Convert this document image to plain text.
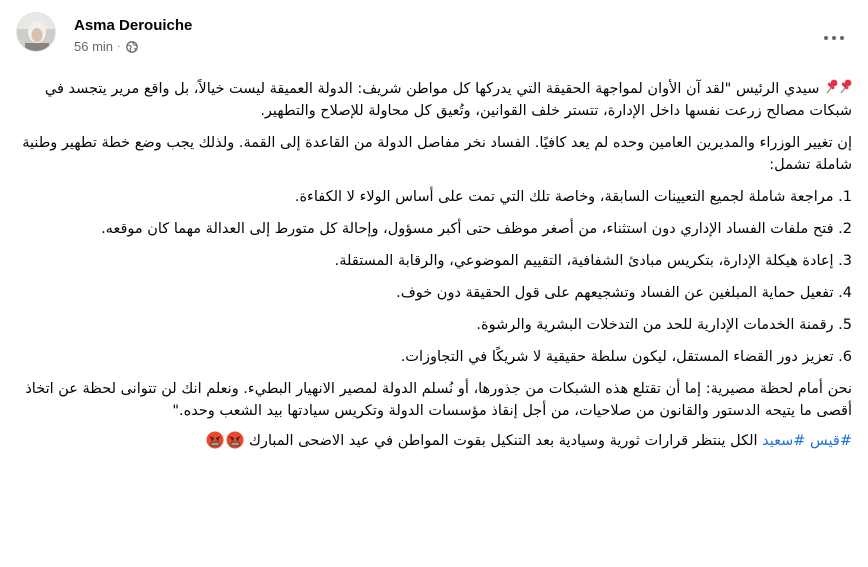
Asma Derouiche
56 min ·

سيدي الرئيس "لقد آن الأوان لمواجهة الحقيقة التي يدركها كل مواطن شريف: الدولة العميقة ليست خيالاً، بل واقع مرير يتجسد في شبكات مصالح زرعت نفسها داخل الإدارة، تتستر خلف القوانين، وتُعيق كل محاولة للإصلاح والتطهير.

إن تغيير الوزراء والمديرين العامين وحده لم يعد كافيًا. الفساد نخر مفاصل الدولة من القاعدة إلى القمة. ولذلك يجب وضع خطة تطهير وطنية شاملة تشمل:

1. مراجعة شاملة لجميع التعيينات السابقة، وخاصة تلك التي تمت على أساس الولاء لا الكفاءة.

2. فتح ملفات الفساد الإداري دون استثناء، من أصغر موظف حتى أكبر مسؤول، وإحالة كل متورط إلى العدالة مهما كان موقعه.

3. إعادة هيكلة الإدارة، بتكريس مبادئ الشفافية، التقييم الموضوعي، والرقابة المستقلة.

4. تفعيل حماية المبلغين عن الفساد وتشجيعهم على قول الحقيقة دون خوف.

5. رقمنة الخدمات الإدارية للحد من التدخلات البشرية والرشوة.

6. تعزيز دور القضاء المستقل، ليكون سلطة حقيقية لا شريكًا في التجاوزات.

نحن أمام لحظة مصيرية: إما أن تقتلع هذه الشبكات من جذورها، أو نُسلم الدولة لمصير الانهيار البطيء. ونعلم انك لن تتوانى لحظة عن اتخاذ أقصى ما يتيحه الدستور والقانون من صلاحيات، من أجل إنقاذ مؤسسات الدولة وتكريس سيادتها بيد الشعب وحده."

#قيس #سعيد الكل ينتظر قرارات ثورية وسيادية بعد التنكيل بقوت المواطن في عيد الاضحى المبارك
